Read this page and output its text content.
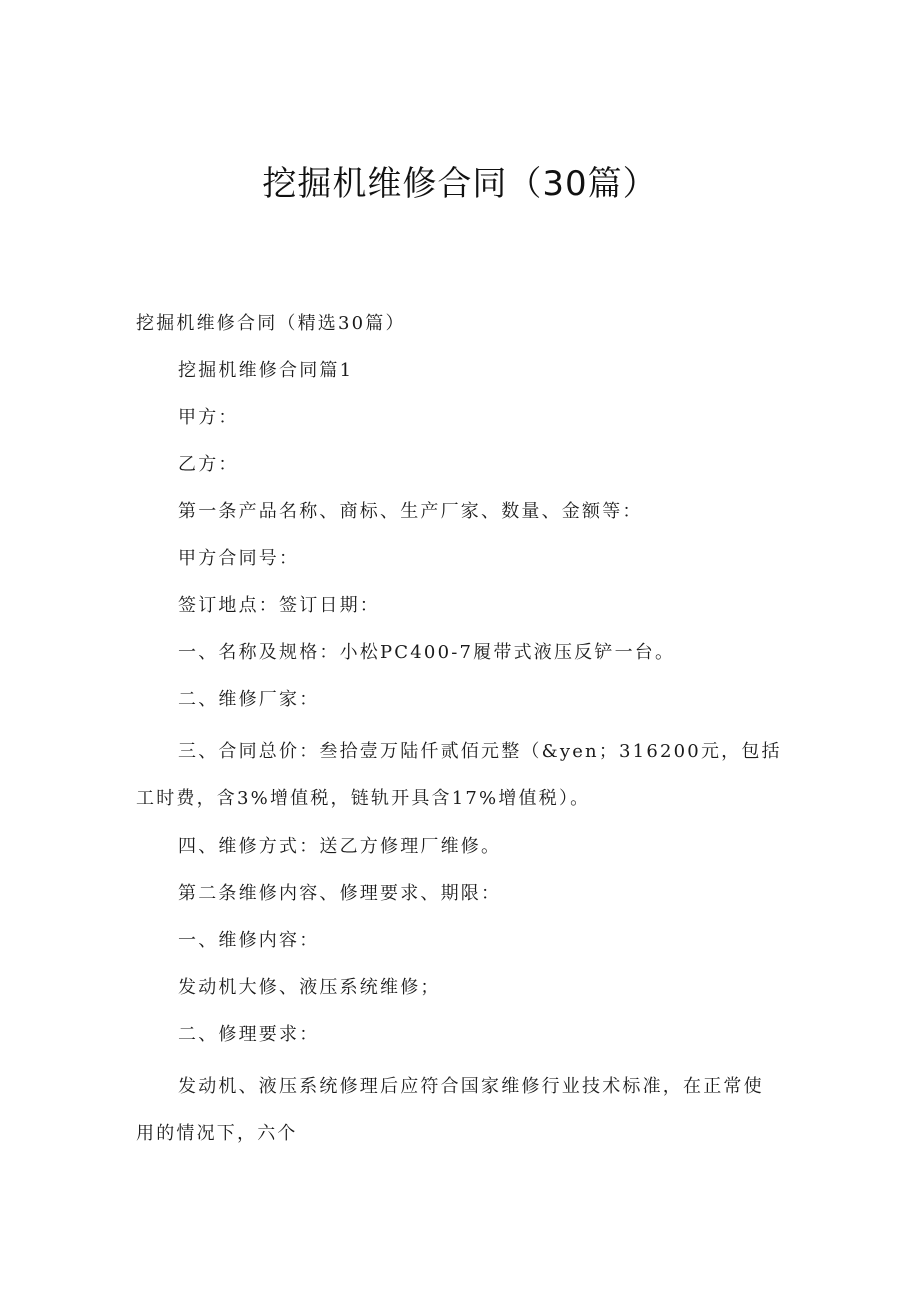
挖掘机维修合同（30篇）
挖掘机维修合同（精选30篇）
挖掘机维修合同篇1
甲方：
乙方：
第一条产品名称、商标、生产厂家、数量、金额等：
甲方合同号：
签订地点：签订日期：
一、名称及规格：小松PC400-7履带式液压反铲一台。
二、维修厂家：

三、合同总价：叁拾壹万陆仟贰佰元整（&yen；316200元，包括工时费，含3%增值税，链轨开具含17%增值税）。

四、维修方式：送乙方修理厂维修。
第二条维修内容、修理要求、期限：
一、维修内容：
发动机大修、液压系统维修；
二、修理要求：

发动机、液压系统修理后应符合国家维修行业技术标准，在正常使用的情况下，六个
